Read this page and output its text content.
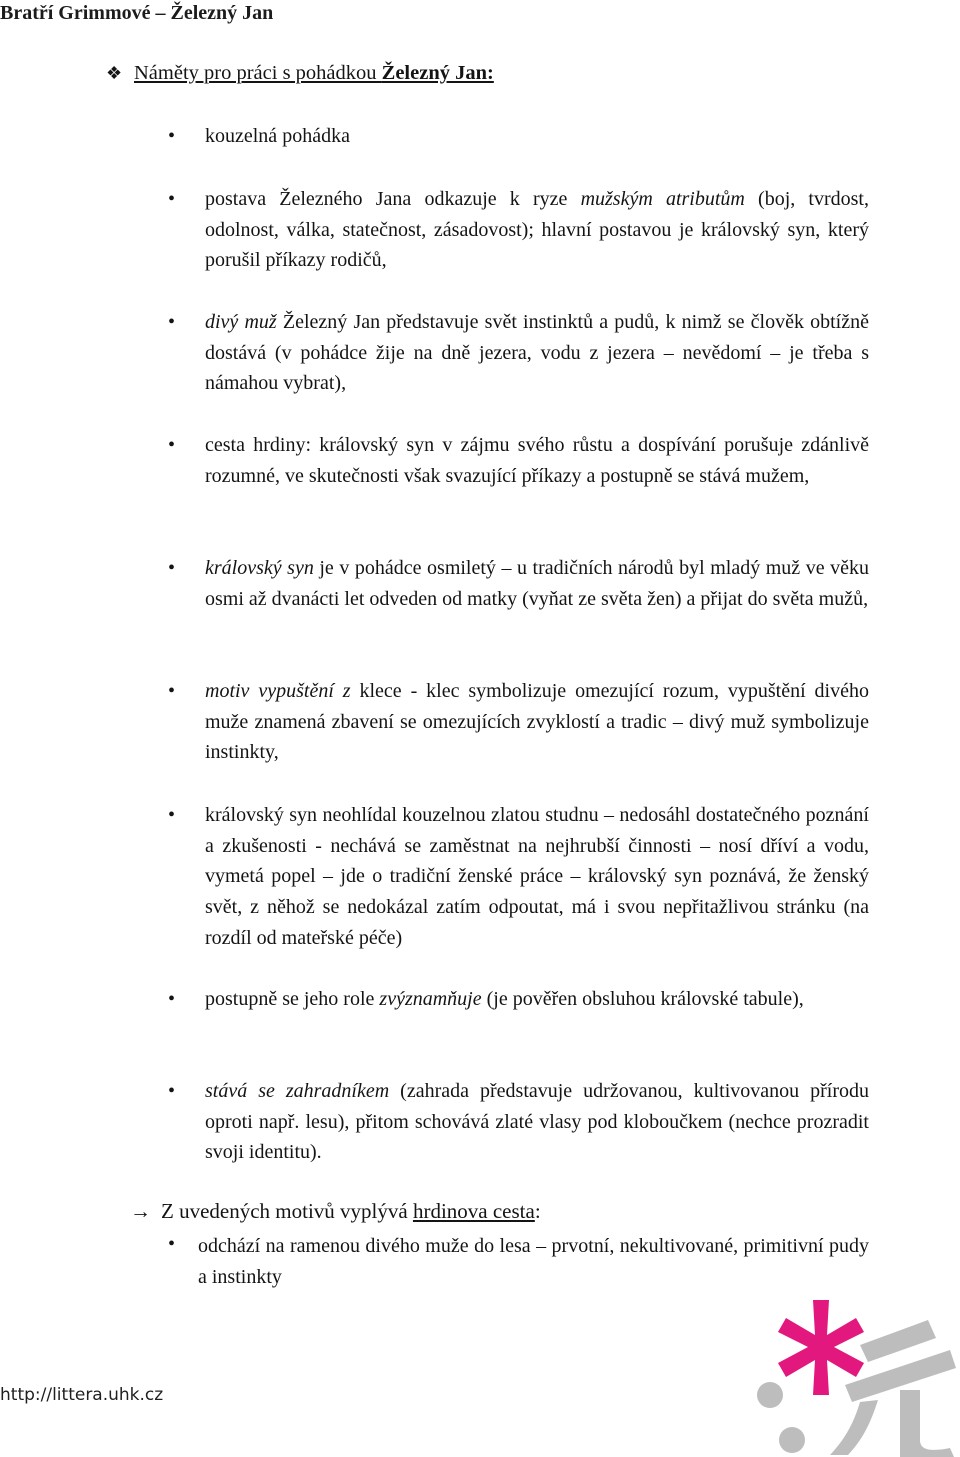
Bratří Grimmové – Železný Jan
❖ Náměty pro práci s pohádkou Železný Jan:
• kouzelná pohádka
• postava Železného Jana odkazuje k ryze mužským atributům (boj, tvrdost, odolnost, válka, statečnost, zásadovost); hlavní postavou je královský syn, který porušil příkazy rodičů,
• divý muž Železný Jan představuje svět instinktů a pudů, k nimž se člověk obtížně dostává (v pohádce žije na dně jezera, vodu z jezera – nevědomí – je třeba s námahou vybrat),
• cesta hrdiny: královský syn v zájmu svého růstu a dospívání porušuje zdánlivě rozumné, ve skutečnosti však svazující příkazy a postupně se stává mužem,
• královský syn je v pohádce osmiletý – u tradičních národů byl mladý muž ve věku osmi až dvanácti let odveden od matky (vyňat ze světa žen) a přijat do světa mužů,
• motiv vypuštění z klece - klec symbolizuje omezující rozum, vypuštění divého muže znamená zbavení se omezujících zvyklostí a tradic – divý muž symbolizuje instinkty,
• královský syn neohlídal kouzelnou zlatou studnu – nedosáhl dostatečného poznání a zkušenosti - nechává se zaměstnat na nejhrubší činnosti – nosí dříví a vodu, vymetá popel – jde o tradiční ženské práce – královský syn poznává, že ženský svět, z něhož se nedokázal zatím odpoutat, má i svou nepřitažlivou stránku (na rozdíl od mateřské péče)
• postupně se jeho role zvýznamňuje (je pověřen obsluhou královské tabule),
• stává se zahradníkem (zahrada představuje udržovanou, kultivovanou přírodu oproti např. lesu), přitom schovává zlaté vlasy pod kloboučkem (nechce prozradit svoji identitu).
→ Z uvedených motivů vyplývá hrdinova cesta:
• odchází na ramenou divého muže do lesa – prvotní, nekultivované, primitivní pudy a instinkty
http://littera.uhk.cz
